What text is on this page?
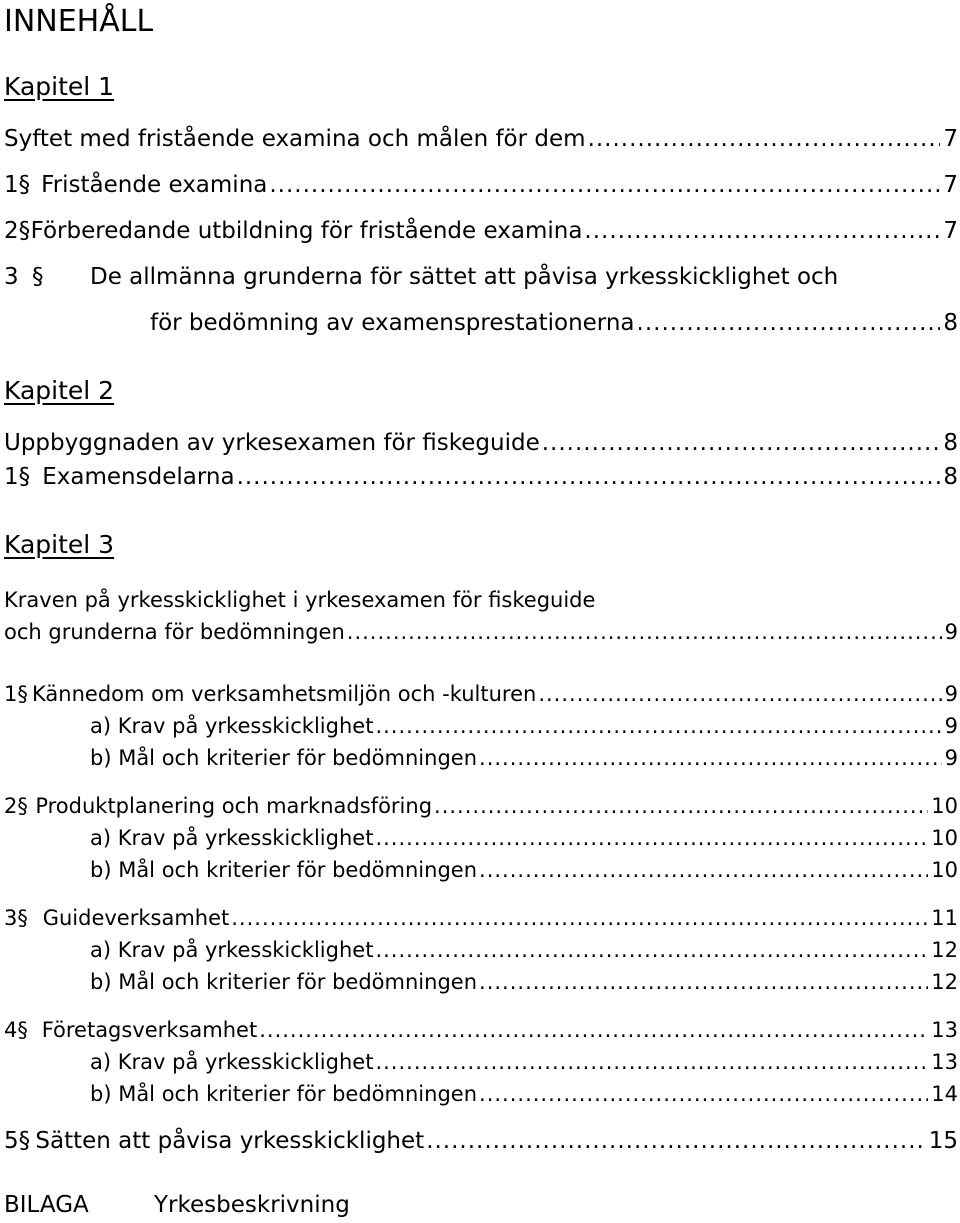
INNEHÅLL
Kapitel 1
Syftet med fristående examina och målen för dem .....	7
1 § Fristående examina .....	7
2 § Förberedande utbildning för fristående examina .....	7
3 §	De allmänna grunderna för sättet att påvisa yrkesskicklighet och
för bedömning av examensprestationerna .....	8
Kapitel 2
Uppbyggnaden av yrkesexamen för fiskeguide .....	8
1 § Examensdelarna .....	8
Kapitel 3
Kraven på yrkesskicklighet i yrkesexamen för fiskeguide
och grunderna för bedömningen .....	9
1 § Kännedom om verksamhetsmiljön och -kulturen .....	9
a) Krav på yrkesskicklighet .....	9
b) Mål och kriterier för bedömningen .....	9
2 § Produktplanering och marknadsföring .....	10
a) Krav på yrkesskicklighet .....	10
b) Mål och kriterier för bedömningen .....	10
3 § Guideverksamhet .....	11
a) Krav på yrkesskicklighet .....	12
b) Mål och kriterier för bedömningen .....	12
4 § Företagsverksamhet .....	13
a) Krav på yrkesskicklighet .....	13
b) Mål och kriterier för bedömningen .....	14
5 § Sätten att påvisa yrkesskicklighet .....	15
BILAGA	Yrkesbeskrivning
